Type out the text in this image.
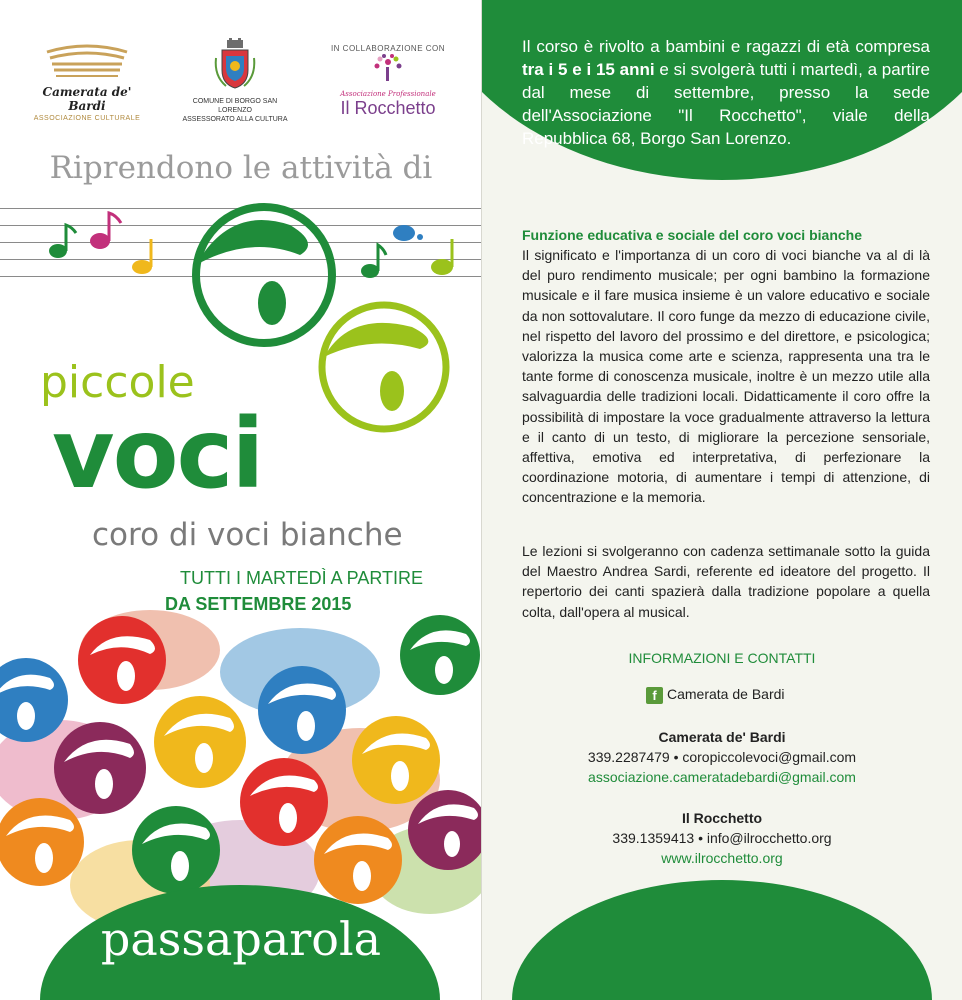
Camerata de' Bardi
ASSOCIAZIONE CULTURALE
COMUNE DI BORGO SAN LORENZO
ASSESSORATO ALLA CULTURA
IN COLLABORAZIONE CON
Associazione Professionale
Il Rocchetto
Riprendono le attività di
piccole
voci
coro di voci bianche
TUTTI I MARTEDÌ A PARTIRE
DA SETTEMBRE 2015
passaparola
Il corso è rivolto a bambini e ragazzi di età compresa tra i 5 e i 15 anni e si svolgerà tutti i martedì, a partire dal mese di settembre, presso la sede dell'Associazione "Il Rocchetto", viale della Repubblica 68, Borgo San Lorenzo.
Funzione educativa e sociale del coro voci bianche
Il significato e l'importanza di un coro di voci bianche va al di là del puro rendimento musicale; per ogni bambino la formazione musicale e il fare musica insieme è un valore educativo e sociale da non sottovalutare. Il coro funge da mezzo di educazione civile, nel rispetto del lavoro del prossimo e del direttore, e psicologica; valorizza la musica come arte e scienza, rappresenta una tra le tante forme di conoscenza musicale, inoltre è un mezzo utile alla salvaguardia delle tradizioni locali. Didatticamente il coro offre la possibilità di impostare la voce gradualmente attraverso la lettura e il canto di un testo, di migliorare la percezione sensoriale, affettiva, emotiva ed interpretativa, di perfezionare la coordinazione motoria, di aumentare i tempi di attenzione, di concentrazione e la memoria.
Le lezioni si svolgeranno con cadenza settimanale sotto la guida del Maestro Andrea Sardi, referente ed ideatore del progetto. Il repertorio dei canti spazierà dalla tradizione popolare a quella colta, dall'opera al musical.
INFORMAZIONI E CONTATTI
f Camerata de Bardi
Camerata de' Bardi
339.2287479 • coropiccolevoci@gmail.com
associazione.cameratadebardi@gmail.com
Il Rocchetto
339.1359413 • info@ilrocchetto.org
www.ilrocchetto.org
